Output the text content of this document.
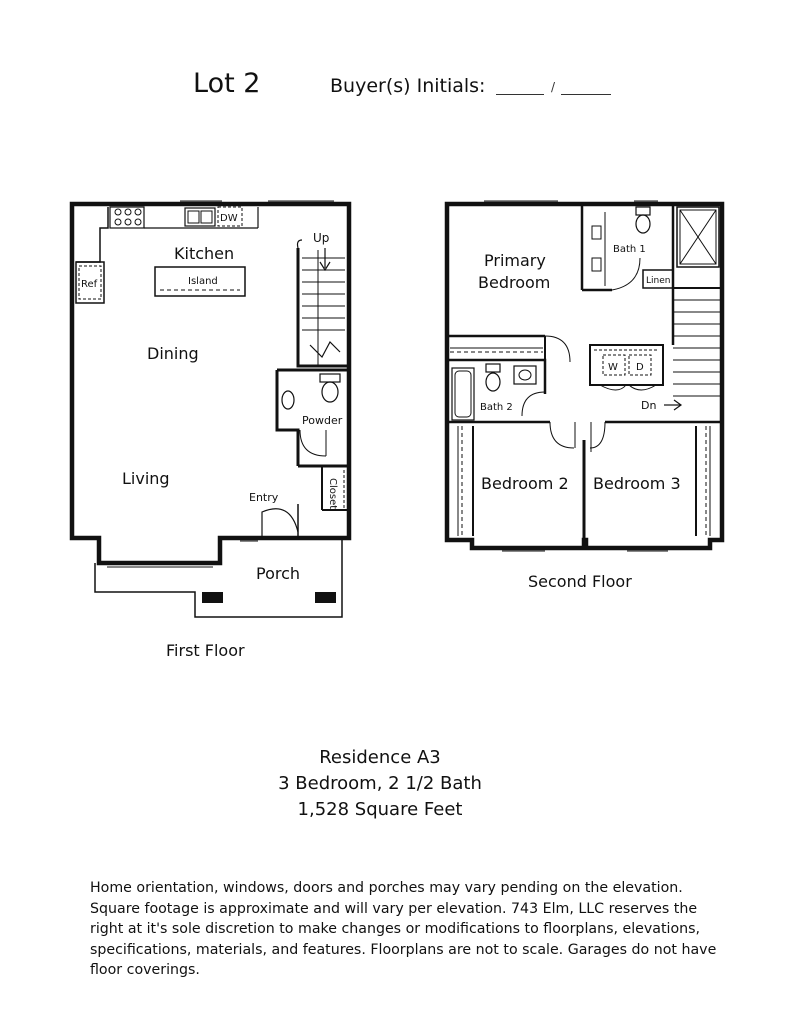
Lot 2	Buyer(s) Initials:	/
Kitchen
Island
DW
Ref
Up
Dining
Powder
Living
Entry	Closet
Porch
Primary
Bedroom
Bath 1
Linen
W D
Bath 2	Dn
Bedroom 2 Bedroom 3
First Floor
Second Floor
Residence A3
3 Bedroom, 2 1/2 Bath
1,528 Square Feet
Home orientation, windows, doors and porches may vary pending on the elevation. Square footage is approximate and will vary per elevation. 743 Elm, LLC reserves the right at it's sole discretion to make changes or modifications to floorplans, elevations, specifications, materials, and features. Floorplans are not to scale. Garages do not have floor coverings.
